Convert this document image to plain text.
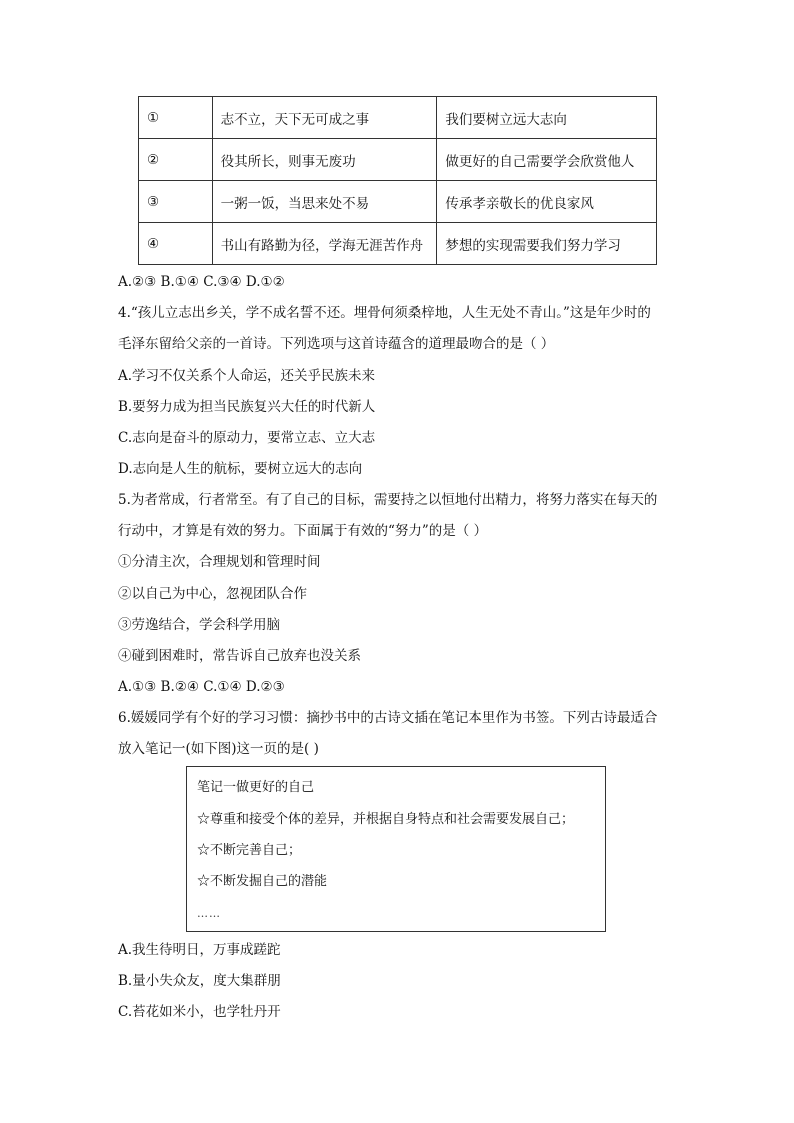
①	志不立，天下无可成之事	我们要树立远大志向
②	役其所长，则事无废功	做更好的自己需要学会欣赏他人
③	一粥一饭，当思来处不易	传承孝亲敬长的优良家风
④	书山有路勤为径，学海无涯苦作舟	梦想的实现需要我们努力学习
A.②③ B.①④ C.③④ D.①②
4.“孩儿立志出乡关，学不成名誓不还。埋骨何须桑梓地，人生无处不青山。”这是年少时的
毛泽东留给父亲的一首诗。下列选项与这首诗蕴含的道理最吻合的是（ ）
A.学习不仅关系个人命运，还关乎民族未来
B.要努力成为担当民族复兴大任的时代新人
C.志向是奋斗的原动力，要常立志、立大志
D.志向是人生的航标，要树立远大的志向
5.为者常成，行者常至。有了自己的目标，需要持之以恒地付出精力，将努力落实在每天的
行动中，才算是有效的努力。下面属于有效的“努力”的是（ ）
①分清主次，合理规划和管理时间
②以自己为中心，忽视团队合作
③劳逸结合，学会科学用脑
④碰到困难时，常告诉自己放弃也没关系
A.①③ B.②④ C.①④ D.②③
6.媛媛同学有个好的学习习惯：摘抄书中的古诗文插在笔记本里作为书签。下列古诗最适合
放入笔记一(如下图)这一页的是( )
笔记一做更好的自己
☆尊重和接受个体的差异，并根据自身特点和社会需要发展自己；
☆不断完善自己；
☆不断发掘自己的潜能
……
A.我生待明日，万事成蹉跎
B.量小失众友，度大集群朋
C.苔花如米小，也学牡丹开
